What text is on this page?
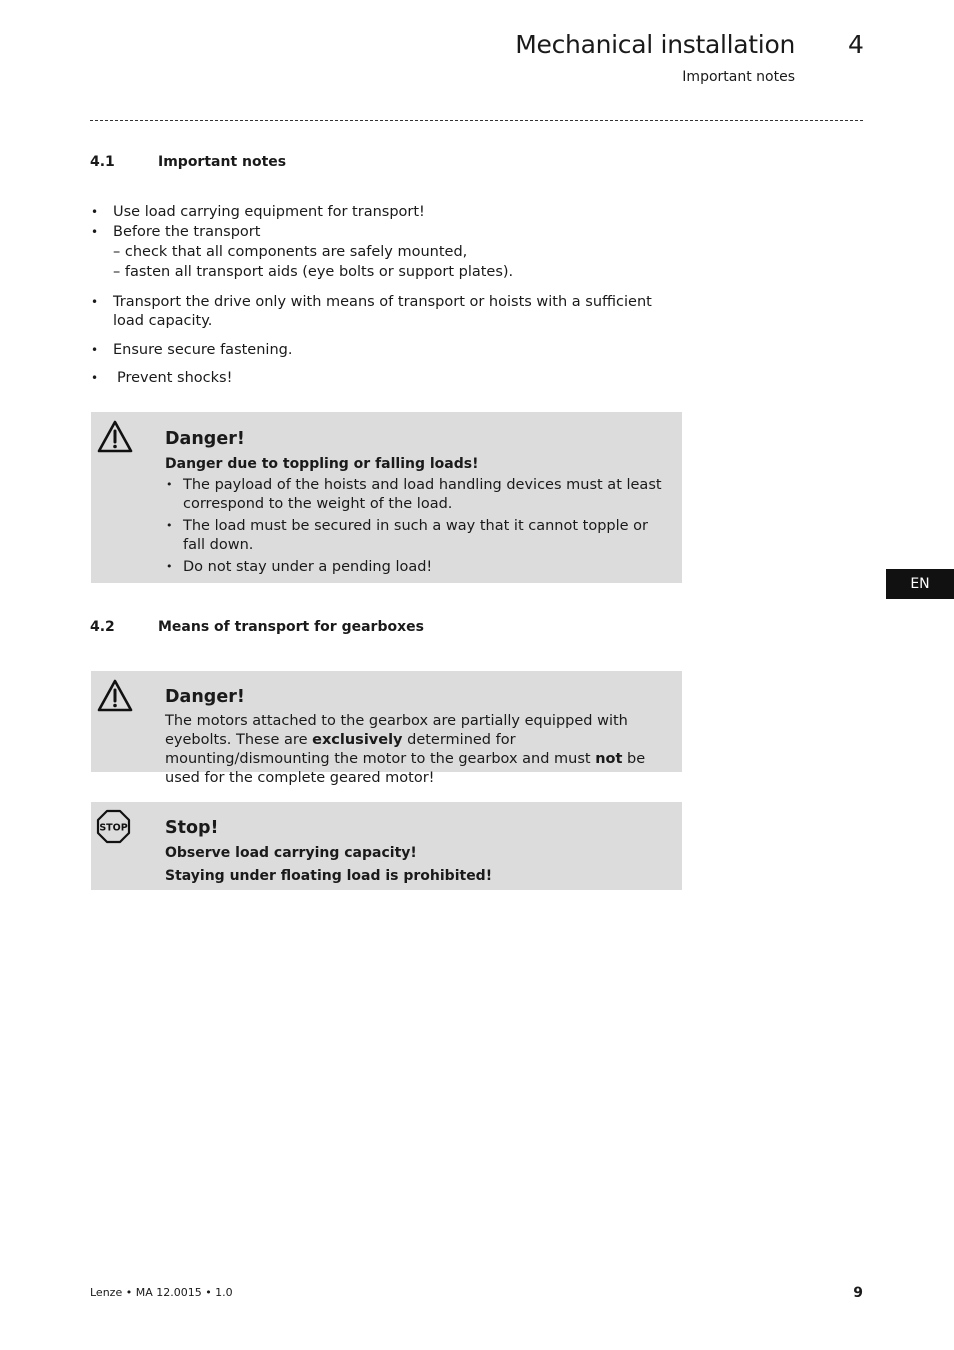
Mechanical installation 4
Important notes
4.1	Important notes
• Use load carrying equipment for transport!
• Before the transport
– check that all components are safely mounted,
– fasten all transport aids (eye bolts or support plates).
• Transport the drive only with means of transport or hoists with a sufficient load capacity.
• Ensure secure fastening.
• Prevent shocks!
Danger!
Danger due to toppling or falling loads!
• The payload of the hoists and load handling devices must at least correspond to the weight of the load.
• The load must be secured in such a way that it cannot topple or fall down.
• Do not stay under a pending load!
4.2	Means of transport for gearboxes
Danger!
The motors attached to the gearbox are partially equipped with eyebolts. These are exclusively determined for mounting/dismounting the motor to the gearbox and must not be used for the complete geared motor!
STOP Stop!
Observe load carrying capacity!
Staying under floating load is prohibited!
EN
Lenze • MA 12.0015 • 1.0	9
